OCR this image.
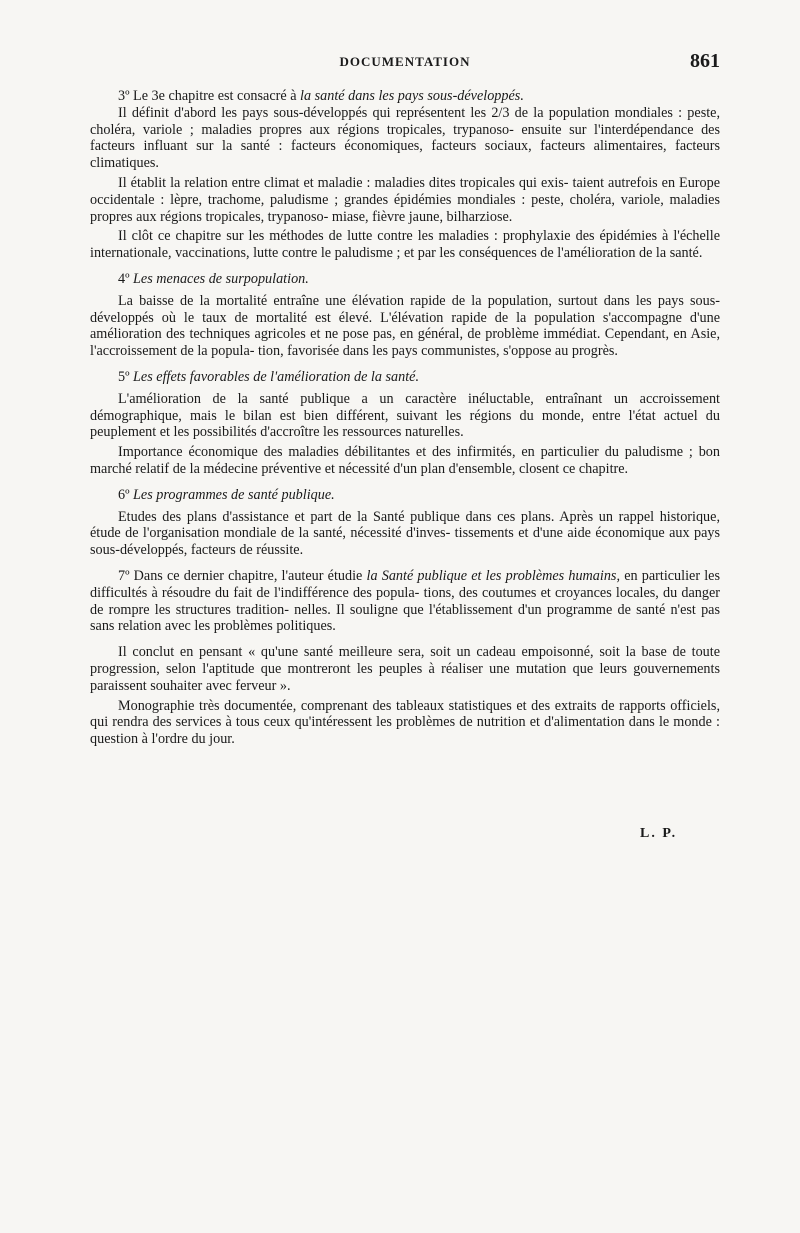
DOCUMENTATION	861

3º Le 3e chapitre est consacré à la santé dans les pays sous-développés.

Il définit d'abord les pays sous-développés qui représentent les 2/3 de la population mondiales : peste, choléra, variole ; maladies propres aux régions tropicales, trypanoso- ensuite sur l'interdépendance des facteurs influant sur la santé : facteurs économiques, facteurs sociaux, facteurs alimentaires, facteurs climatiques.

Il établit la relation entre climat et maladie : maladies dites tropicales qui exis- taient autrefois en Europe occidentale : lèpre, trachome, paludisme ; grandes épidémies mondiales : peste, choléra, variole, maladies propres aux régions tropicales, trypanoso- miase, fièvre jaune, bilharziose.

Il clôt ce chapitre sur les méthodes de lutte contre les maladies : prophylaxie des épidémies à l'échelle internationale, vaccinations, lutte contre le paludisme ; et par les conséquences de l'amélioration de la santé.

4º Les menaces de surpopulation.

La baisse de la mortalité entraîne une élévation rapide de la population, surtout dans les pays sous-développés où le taux de mortalité est élevé. L'élévation rapide de la population s'accompagne d'une amélioration des techniques agricoles et ne pose pas, en général, de problème immédiat. Cependant, en Asie, l'accroissement de la popula- tion, favorisée dans les pays communistes, s'oppose au progrès.

5º Les effets favorables de l'amélioration de la santé.

L'amélioration de la santé publique a un caractère inéluctable, entraînant un accroissement démographique, mais le bilan est bien différent, suivant les régions du monde, entre l'état actuel du peuplement et les possibilités d'accroître les ressources naturelles.

Importance économique des maladies débilitantes et des infirmités, en particulier du paludisme ; bon marché relatif de la médecine préventive et nécessité d'un plan d'ensemble, closent ce chapitre.

6º Les programmes de santé publique.

Etudes des plans d'assistance et part de la Santé publique dans ces plans. Après un rappel historique, étude de l'organisation mondiale de la santé, nécessité d'inves- tissements et d'une aide économique aux pays sous-développés, facteurs de réussite.

7º Dans ce dernier chapitre, l'auteur étudie la Santé publique et les problèmes humains, en particulier les difficultés à résoudre du fait de l'indifférence des popula- tions, des coutumes et croyances locales, du danger de rompre les structures tradition- nelles. Il souligne que l'établissement d'un programme de santé n'est pas sans relation avec les problèmes politiques.

Il conclut en pensant « qu'une santé meilleure sera, soit un cadeau empoisonné, soit la base de toute progression, selon l'aptitude que montreront les peuples à réaliser une mutation que leurs gouvernements paraissent souhaiter avec ferveur ».

Monographie très documentée, comprenant des tableaux statistiques et des extraits de rapports officiels, qui rendra des services à tous ceux qu'intéressent les problèmes de nutrition et d'alimentation dans le monde : question à l'ordre du jour.

L. P.
